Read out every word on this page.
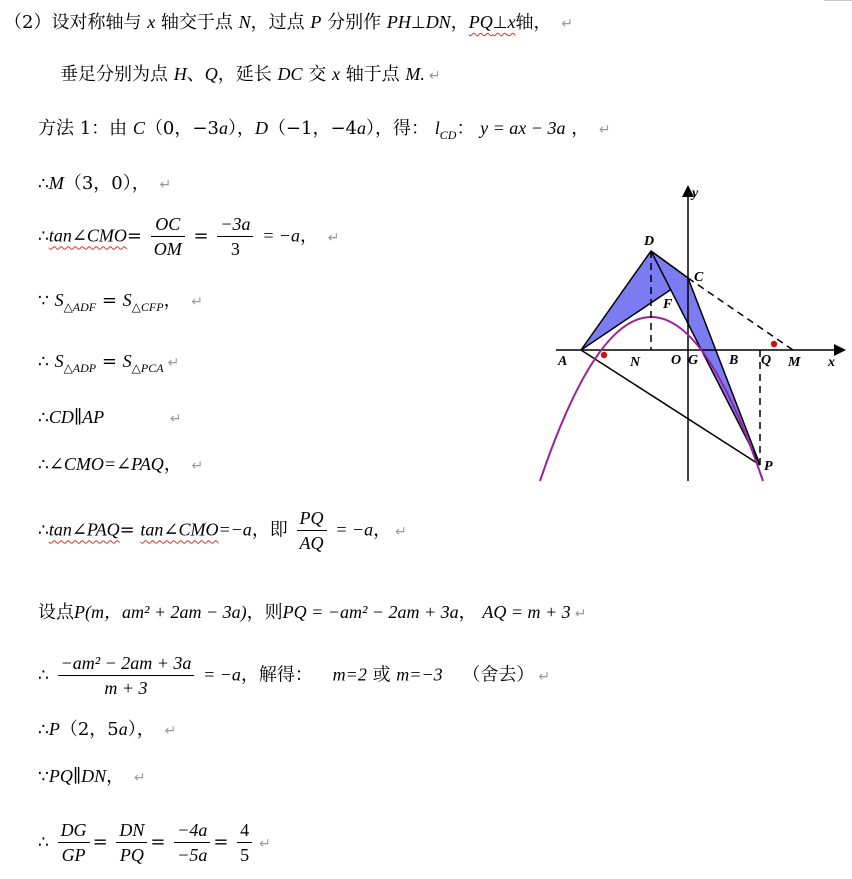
（2）设对称轴与 x 轴交于点 N，过点 P 分别作 PH⊥DN，PQ⊥x轴， ↵
垂足分别为点 H、Q，延长 DC 交 x 轴于点 M. ↵
方法 1：由 C（0，−3a），D（−1，−4a），得： $l_{CD}$： y = ax − 3a ， ↵
∴M（3，0）， ↵
∴tan∠CMO= $\frac{OC}{OM} = \frac{-3a}{3} = -a$， ↵
∵ $S_{\triangle ADF} = S_{\triangle CFP}$， ↵
∴ $S_{\triangle ADP} = S_{\triangle PCA}$ ↵
∴CD∥AP	↵
∴∠CMO=∠PAQ， ↵
∴tan∠PAQ= tan∠CMO=−a，即 $\frac{PQ}{AQ} = -a$， ↵
设点P(m，am² + 2am − 3a)，则PQ = −am² − 2am + 3a， AQ = m + 3 ↵
∴ $\frac{\text{−am² − 2am + 3a}}{m + 3} = -a$，解得： m=2 或 m=−3 （舍去） ↵
∴P（2，5a）， ↵
∵PQ∥DN， ↵
∴ $\frac{DG}{GP} = \frac{DN}{PQ} = \frac{-4a}{-5a} = \frac{4}{5}$ ↵
y
D
C
F
A	N O G B Q M x
P
